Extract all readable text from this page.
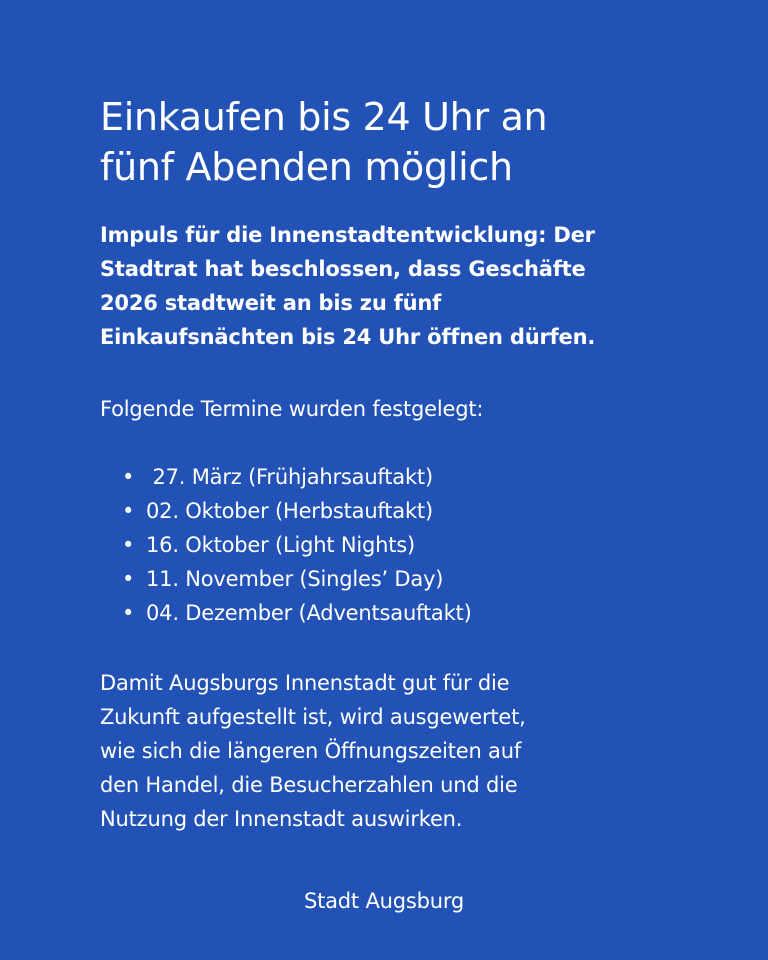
Einkaufen bis 24 Uhr an
fünf Abenden möglich

Impuls für die Innenstadtentwicklung: Der
Stadtrat hat beschlossen, dass Geschäfte
2026 stadtweit an bis zu fünf
Einkaufsnächten bis 24 Uhr öffnen dürfen.

Folgende Termine wurden festgelegt:

• 27. März (Frühjahrsauftakt)
• 02. Oktober (Herbstauftakt)
• 16. Oktober (Light Nights)
• 11. November (Singles’ Day)
• 04. Dezember (Adventsauftakt)

Damit Augsburgs Innenstadt gut für die
Zukunft aufgestellt ist, wird ausgewertet,
wie sich die längeren Öffnungszeiten auf
den Handel, die Besucherzahlen und die
Nutzung der Innenstadt auswirken.

Stadt Augsburg
